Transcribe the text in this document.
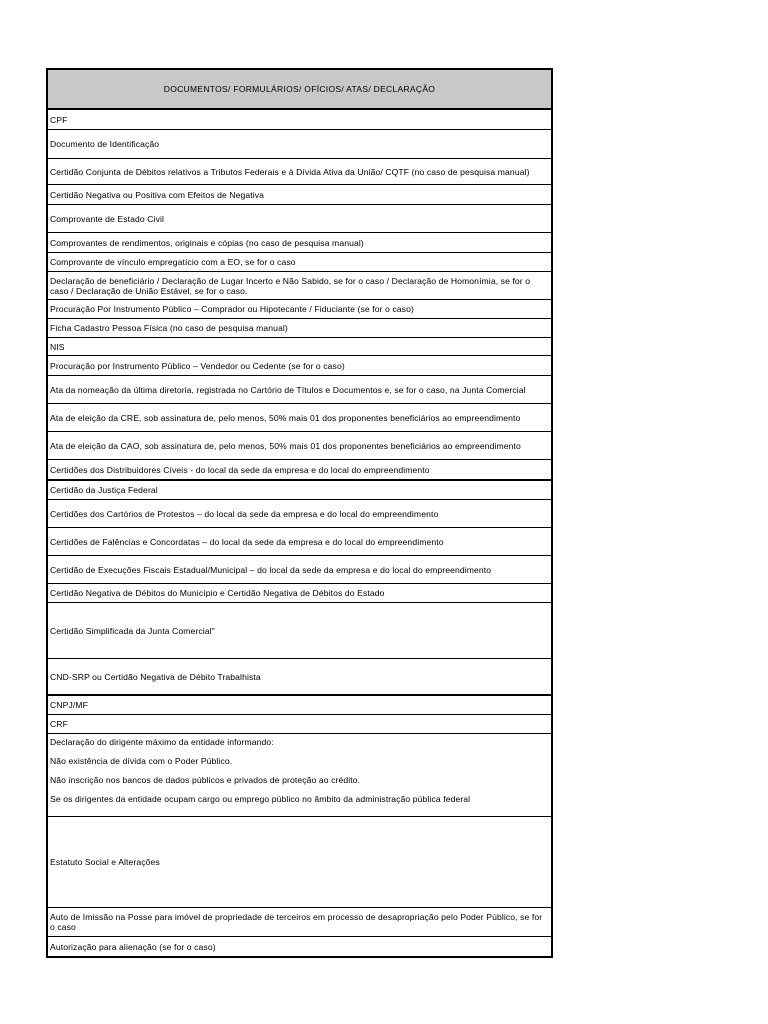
DOCUMENTOS/ FORMULÁRIOS/ OFÍCIOS/ ATAS/ DECLARAÇÃO
CPF
Documento de Identificação
Certidão Conjunta de Débitos relativos a Tributos Federais e à Dívida Ativa da União/ CQTF (no caso de pesquisa manual)
Certidão Negativa ou Positiva com Efeitos de Negativa
Comprovante de Estado Civil
Comprovantes de rendimentos, originais e cópias (no caso de pesquisa manual)
Comprovante de vínculo empregatício com a EO, se for o caso
Declaração de beneficiário / Declaração de Lugar Incerto e Não Sabido, se for o caso / Declaração de Homonímia, se for o caso / Declaração de União Estável, se for o caso.
Procuração Por Instrumento Público – Comprador ou Hipotecante / Fiduciante (se for o caso)
Ficha Cadastro Pessoa Física (no caso de pesquisa manual)
NIS
Procuração por Instrumento Público – Vendedor ou Cedente (se for o caso)
Ata da nomeação da última diretoria, registrada no Cartório de Títulos e Documentos e, se for o caso, na Junta Comercial
Ata de eleição da CRE, sob assinatura de, pelo menos, 50% mais 01 dos proponentes beneficiários ao empreendimento
Ata de eleição da CAO, sob assinatura de, pelo menos, 50% mais 01 dos proponentes beneficiários ao empreendimento
Certidões dos Distribuidores Cíveis - do local da sede da empresa e do local do empreendimento
Certidão da Justiça Federal
Certidões dos Cartórios de Protestos – do local da sede da empresa e do local do empreendimento
Certidões de Falências e Concordatas – do local da sede da empresa e do local do empreendimento
Certidão de Execuções Fiscais Estadual/Municipal – do local da sede da empresa e do local do empreendimento
Certidão Negativa de Débitos do Município e Certidão Negativa de Débitos do Estado
Certidão Simplificada da Junta Comercial"
CND-SRP ou Certidão Negativa de Débito Trabalhista
CNPJ/MF
CRF
Declaração do dirigente máximo da entidade informando:
Não existência de dívida com o Poder Público.
Não inscrição nos bancos de dados públicos e privados de proteção ao crédito.
Se os dirigentes da entidade ocupam cargo ou emprego público no âmbito da administração pública federal
Estatuto Social e Alterações
Auto de Imissão na Posse para imóvel de propriedade de terceiros em processo de desapropriação pelo Poder Público, se for o caso
Autorização para alienação (se for o caso)
